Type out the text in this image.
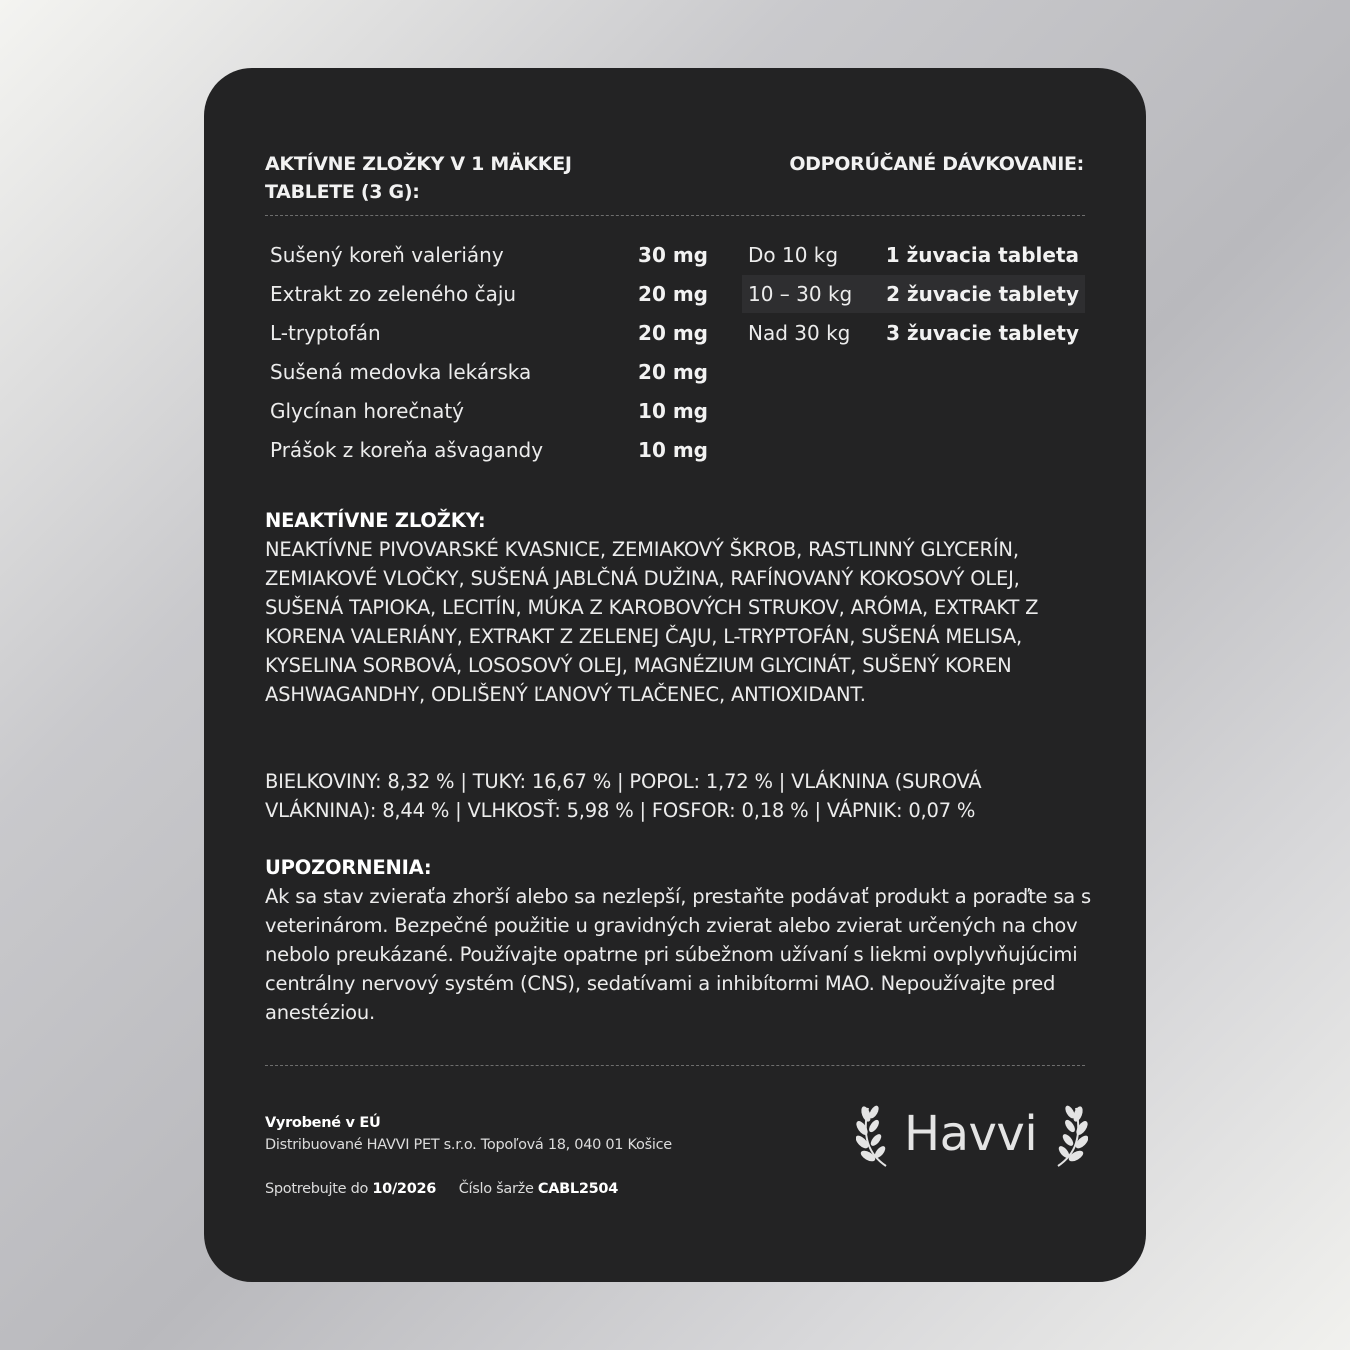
AKTÍVNE ZLOŽKY V 1 MÄKKEJ
TABLETE (3 G):
ODPORÚČANÉ DÁVKOVANIE:
Sušený koreň valeriány	30 mg
Extrakt zo zeleného čaju	20 mg
L-tryptofán	20 mg
Sušená medovka lekárska	20 mg
Glycínan horečnatý	10 mg
Prášok z koreňa ašvagandy	10 mg
Do 10 kg	1 žuvacia tableta
10 – 30 kg	2 žuvacie tablety
Nad 30 kg	3 žuvacie tablety
NEAKTÍVNE ZLOŽKY:
NEAKTÍVNE PIVOVARSKÉ KVASNICE, ZEMIAKOVÝ ŠKROB, RASTLINNÝ GLYCERÍN, ZEMIAKOVÉ VLOČKY, SUŠENÁ JABLČNÁ DUŽINA, RAFÍNOVANÝ KOKOSOVÝ OLEJ, SUŠENÁ TAPIOKA, LECITÍN, MÚKA Z KAROBOVÝCH STRUKOV, ARÓMA, EXTRAKT Z KORENA VALERIÁNY, EXTRAKT Z ZELENEJ ČAJU, L-TRYPTOFÁN, SUŠENÁ MELISA, KYSELINA SORBOVÁ, LOSOSOVÝ OLEJ, MAGNÉZIUM GLYCINÁT, SUŠENÝ KOREN ASHWAGANDHY, ODLIŠENÝ ĽANOVÝ TLAČENEC, ANTIOXIDANT.
BIELKOVINY: 8,32 % | TUKY: 16,67 % | POPOL: 1,72 % | VLÁKNINA (SUROVÁ VLÁKNINA): 8,44 % | VLHKOSŤ: 5,98 % | FOSFOR: 0,18 % | VÁPNIK: 0,07 %
UPOZORNENIA:
Ak sa stav zvieraťa zhorší alebo sa nezlepší, prestaňte podávať produkt a poraďte sa s veterinárom. Bezpečné použitie u gravidných zvierat alebo zvierat určených na chov nebolo preukázané. Používajte opatrne pri súbežnom užívaní s liekmi ovplyvňujúcimi centrálny nervový systém (CNS), sedatívami a inhibítormi MAO. Nepoužívajte pred anestéziou.
Vyrobené v EÚ
Distribuované HAVVI PET s.r.o. Topoľová 18, 040 01 Košice
Spotrebujte do 10/2026 Číslo šarže CABL2504
Havvi
